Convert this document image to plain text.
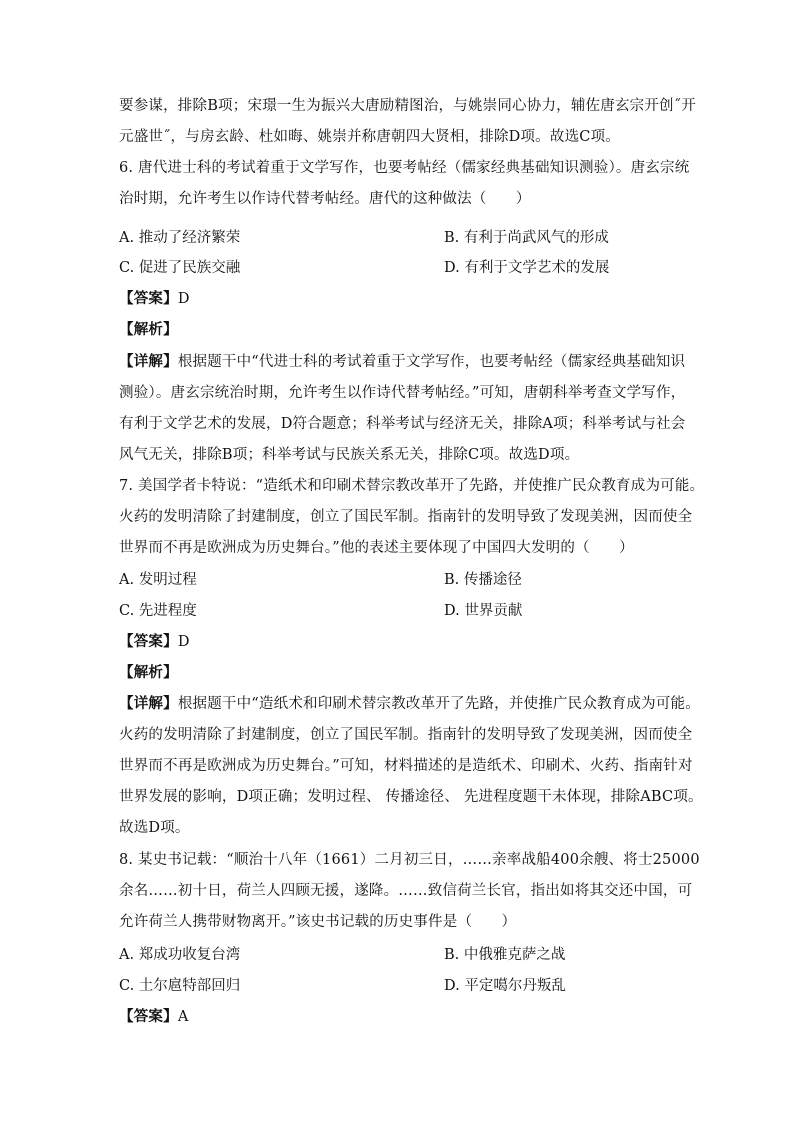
要参谋，排除B项；宋璟一生为振兴大唐励精图治，与姚崇同心协力，辅佐唐玄宗开创˝开
元盛世˝，与房玄龄、杜如晦、姚崇并称唐朝四大贤相，排除D项。故选C项。
6. 唐代进士科的考试着重于文学写作，也要考帖经（儒家经典基础知识测验）。唐玄宗统
治时期，允许考生以作诗代替考帖经。唐代的这种做法（　　）
A. 推动了经济繁荣	B. 有利于尚武风气的形成
C. 促进了民族交融	D. 有利于文学艺术的发展
【答案】D
【解析】
【详解】根据题干中“代进士科的考试着重于文学写作，也要考帖经（儒家经典基础知识
测验）。唐玄宗统治时期，允许考生以作诗代替考帖经。”可知，唐朝科举考查文学写作，
有利于文学艺术的发展，D符合题意；科举考试与经济无关，排除A项；科举考试与社会
风气无关，排除B项；科举考试与民族关系无关，排除C项。故选D项。
7. 美国学者卡特说：“造纸术和印刷术替宗教改革开了先路，并使推广民众教育成为可能。
火药的发明清除了封建制度，创立了国民军制。指南针的发明导致了发现美洲，因而使全
世界而不再是欧洲成为历史舞台。”他的表述主要体现了中国四大发明的（　　）
A. 发明过程	B. 传播途径
C. 先进程度	D. 世界贡献
【答案】D
【解析】
【详解】根据题干中“造纸术和印刷术替宗教改革开了先路，并使推广民众教育成为可能。
火药的发明清除了封建制度，创立了国民军制。指南针的发明导致了发现美洲，因而使全
世界而不再是欧洲成为历史舞台。”可知，材料描述的是造纸术、印刷术、火药、指南针对
世界发展的影响，D项正确；发明过程、 传播途径、 先进程度题干未体现，排除ABC项。
故选D项。
8. 某史书记载：“顺治十八年（1661）二月初三日，……亲率战船400余艘、将士25000
余名……初十日，荷兰人四顾无援，遂降。……致信荷兰长官，指出如将其交还中国，可
允许荷兰人携带财物离开。”该史书记载的历史事件是（　　）
A. 郑成功收复台湾	B. 中俄雅克萨之战
C. 土尔扈特部回归	D. 平定噶尔丹叛乱
【答案】A
